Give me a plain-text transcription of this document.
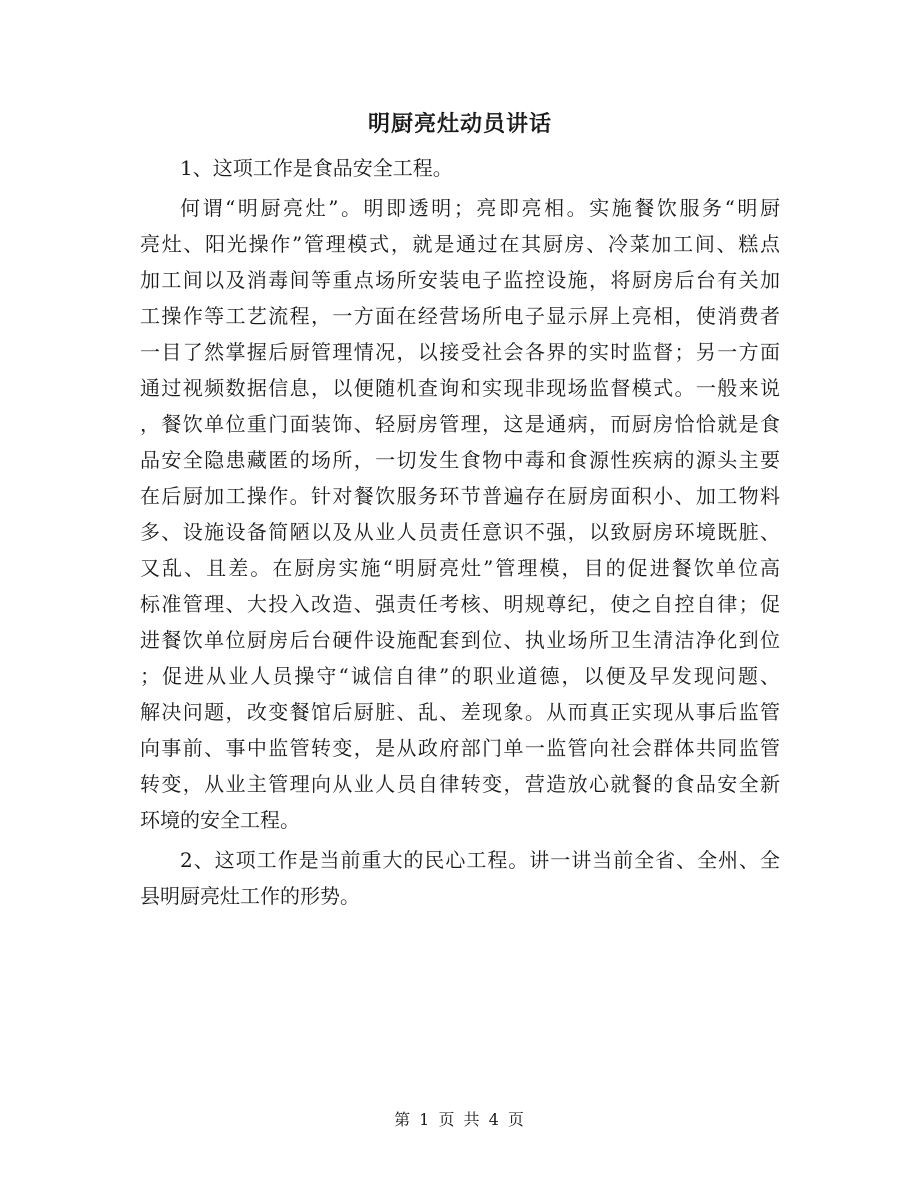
明厨亮灶动员讲话
1、这项工作是食品安全工程。
何谓“明厨亮灶”。明即透明；亮即亮相。实施餐饮服务“明厨
亮灶、阳光操作”管理模式，就是通过在其厨房、冷菜加工间、糕点
加工间以及消毒间等重点场所安装电子监控设施，将厨房后台有关加
工操作等工艺流程，一方面在经营场所电子显示屏上亮相，使消费者
一目了然掌握后厨管理情况，以接受社会各界的实时监督；另一方面
通过视频数据信息，以便随机查询和实现非现场监督模式。一般来说
，餐饮单位重门面装饰、轻厨房管理，这是通病，而厨房恰恰就是食
品安全隐患藏匿的场所，一切发生食物中毒和食源性疾病的源头主要
在后厨加工操作。针对餐饮服务环节普遍存在厨房面积小、加工物料
多、设施设备简陋以及从业人员责任意识不强，以致厨房环境既脏、
又乱、且差。在厨房实施“明厨亮灶”管理模，目的促进餐饮单位高
标准管理、大投入改造、强责任考核、明规尊纪，使之自控自律；促
进餐饮单位厨房后台硬件设施配套到位、执业场所卫生清洁净化到位
；促进从业人员操守“诚信自律”的职业道德，以便及早发现问题、
解决问题，改变餐馆后厨脏、乱、差现象。从而真正实现从事后监管
向事前、事中监管转变，是从政府部门单一监管向社会群体共同监管
转变，从业主管理向从业人员自律转变，营造放心就餐的食品安全新
环境的安全工程。
2、这项工作是当前重大的民心工程。讲一讲当前全省、全州、全
县明厨亮灶工作的形势。
第 1 页 共 4 页
